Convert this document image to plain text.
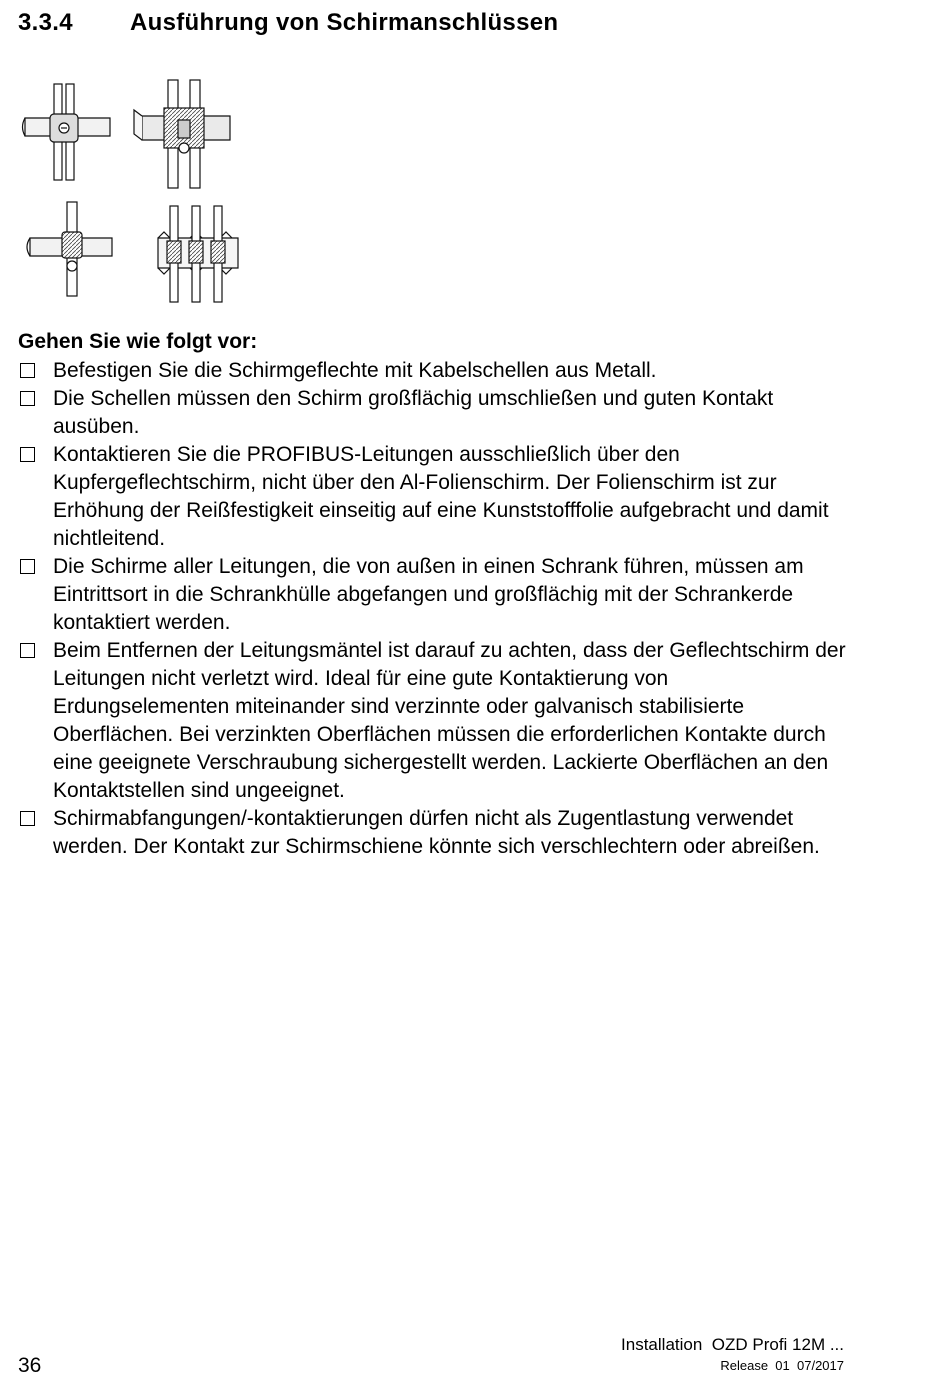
3.3.4 Ausführung von Schirmanschlüssen
Gehen Sie wie folgt vor:
Befestigen Sie die Schirmgeflechte mit Kabelschellen aus Metall.
Die Schellen müssen den Schirm großflächig umschließen und guten Kontakt ausüben.
Kontaktieren Sie die PROFIBUS-Leitungen ausschließlich über den Kupfergeflechtschirm, nicht über den Al-Folienschirm. Der Folienschirm ist zur Erhöhung der Reißfestigkeit einseitig auf eine Kunststofffolie aufgebracht und damit nichtleitend.
Die Schirme aller Leitungen, die von außen in einen Schrank führen, müssen am Eintrittsort in die Schrankhülle abgefangen und großflächig mit der Schrankerde kontaktiert werden.
Beim Entfernen der Leitungsmäntel ist darauf zu achten, dass der Geflechtschirm der Leitungen nicht verletzt wird. Ideal für eine gute Kontaktierung von Erdungselementen miteinander sind verzinnte oder galvanisch stabilisierte Oberflächen. Bei verzinkten Oberflächen müssen die erforderlichen Kontakte durch eine geeignete Verschraubung sichergestellt werden. Lackierte Oberflächen an den Kontaktstellen sind ungeeignet.
Schirmabfangungen/-kontaktierungen dürfen nicht als Zugentlastung verwendet werden. Der Kontakt zur Schirmschiene könnte sich verschlechtern oder abreißen.
36
Installation  OZD Profi 12M ...
Release  01  07/2017
